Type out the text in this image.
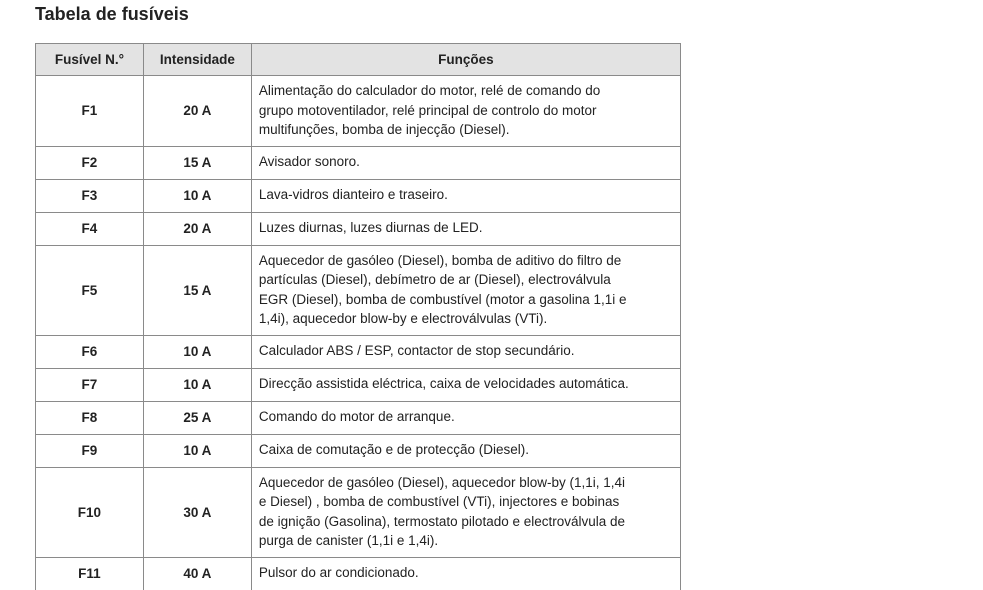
Tabela de fusíveis
Fusível N.°	Intensidade	Funções
F1	20 A	Alimentação do calculador do motor, relé de comando do
grupo motoventilador, relé principal de controlo do motor
multifunções, bomba de injecção (Diesel).
F2	15 A	Avisador sonoro.
F3	10 A	Lava-vidros dianteiro e traseiro.
F4	20 A	Luzes diurnas, luzes diurnas de LED.
F5	15 A	Aquecedor de gasóleo (Diesel), bomba de aditivo do filtro de
partículas (Diesel), debímetro de ar (Diesel), electroválvula
EGR (Diesel), bomba de combustível (motor a gasolina 1,1i e
1,4i), aquecedor blow-by e electroválvulas (VTi).
F6	10 A	Calculador ABS / ESP, contactor de stop secundário.
F7	10 A	Direcção assistida eléctrica, caixa de velocidades automática.
F8	25 A	Comando do motor de arranque.
F9	10 A	Caixa de comutação e de protecção (Diesel).
F10	30 A	Aquecedor de gasóleo (Diesel), aquecedor blow-by (1,1i, 1,4i
e Diesel) , bomba de combustível (VTi), injectores e bobinas
de ignição (Gasolina), termostato pilotado e electroválvula de
purga de canister (1,1i e 1,4i).
F11	40 A	Pulsor do ar condicionado.
